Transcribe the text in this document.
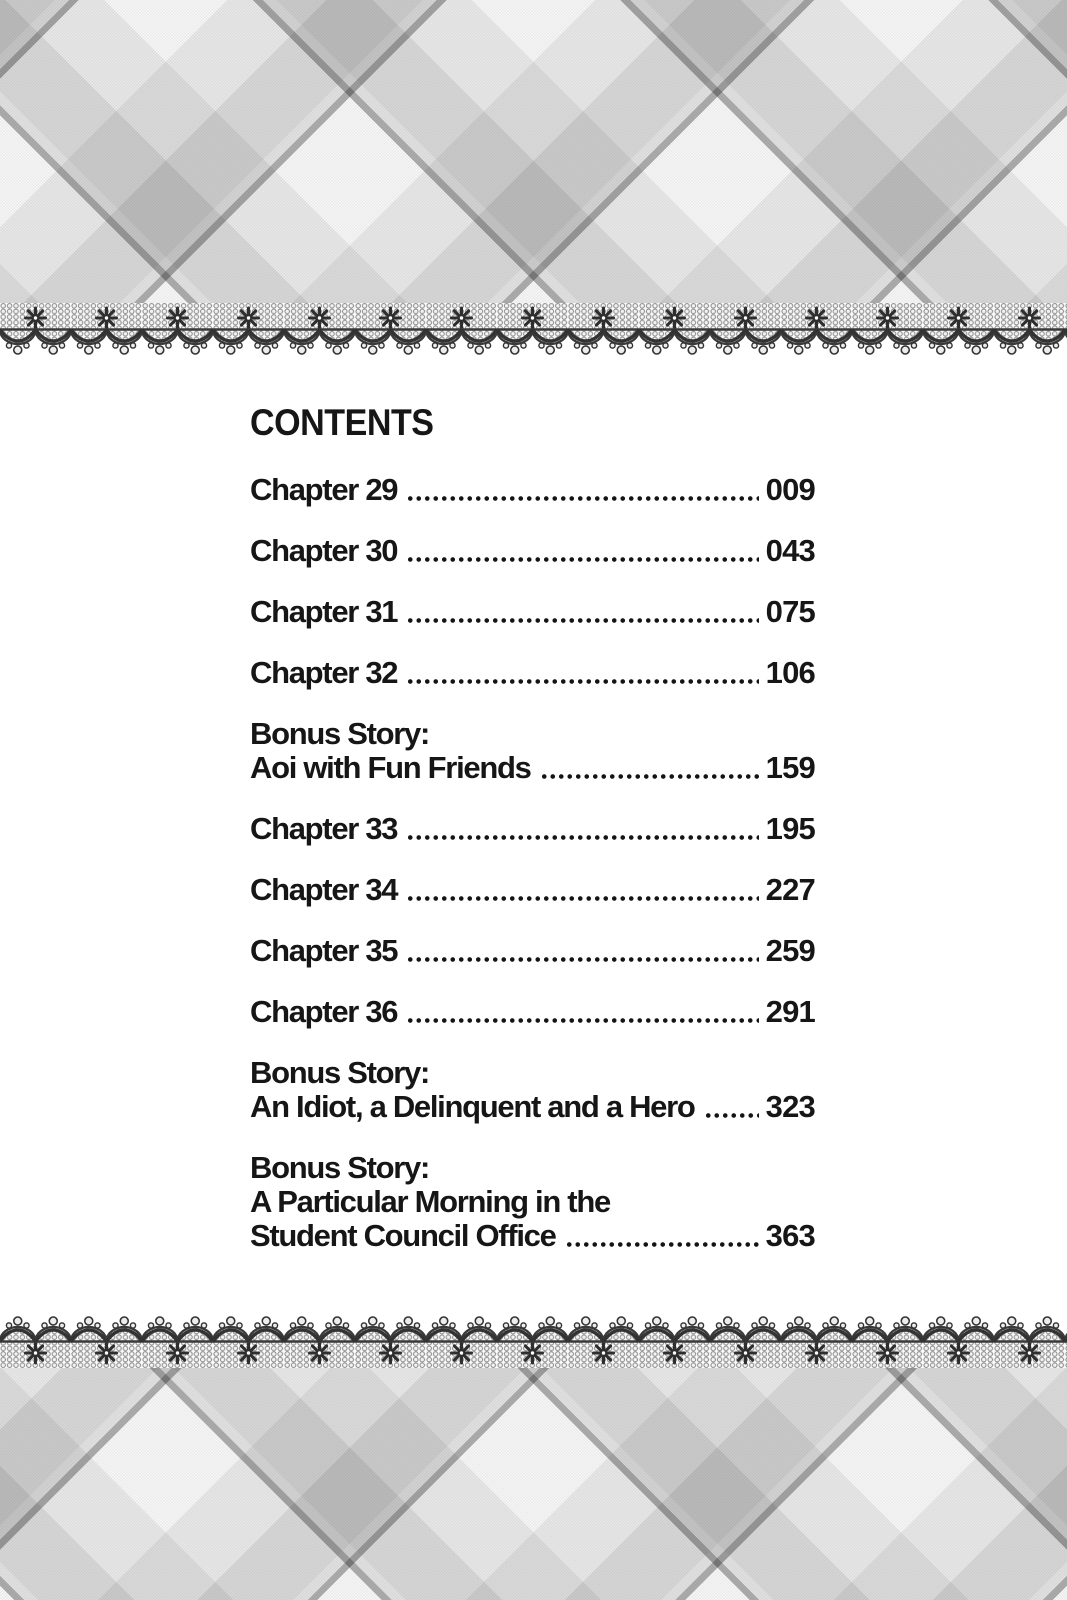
CONTENTS
Chapter 29	009
Chapter 30	043
Chapter 31	075
Chapter 32	106
Bonus Story:
Aoi with Fun Friends	159
Chapter 33	195
Chapter 34	227
Chapter 35	259
Chapter 36	291
Bonus Story:
An Idiot, a Delinquent and a Hero 323
Bonus Story:
A Particular Morning in the
Student Council Office	363
